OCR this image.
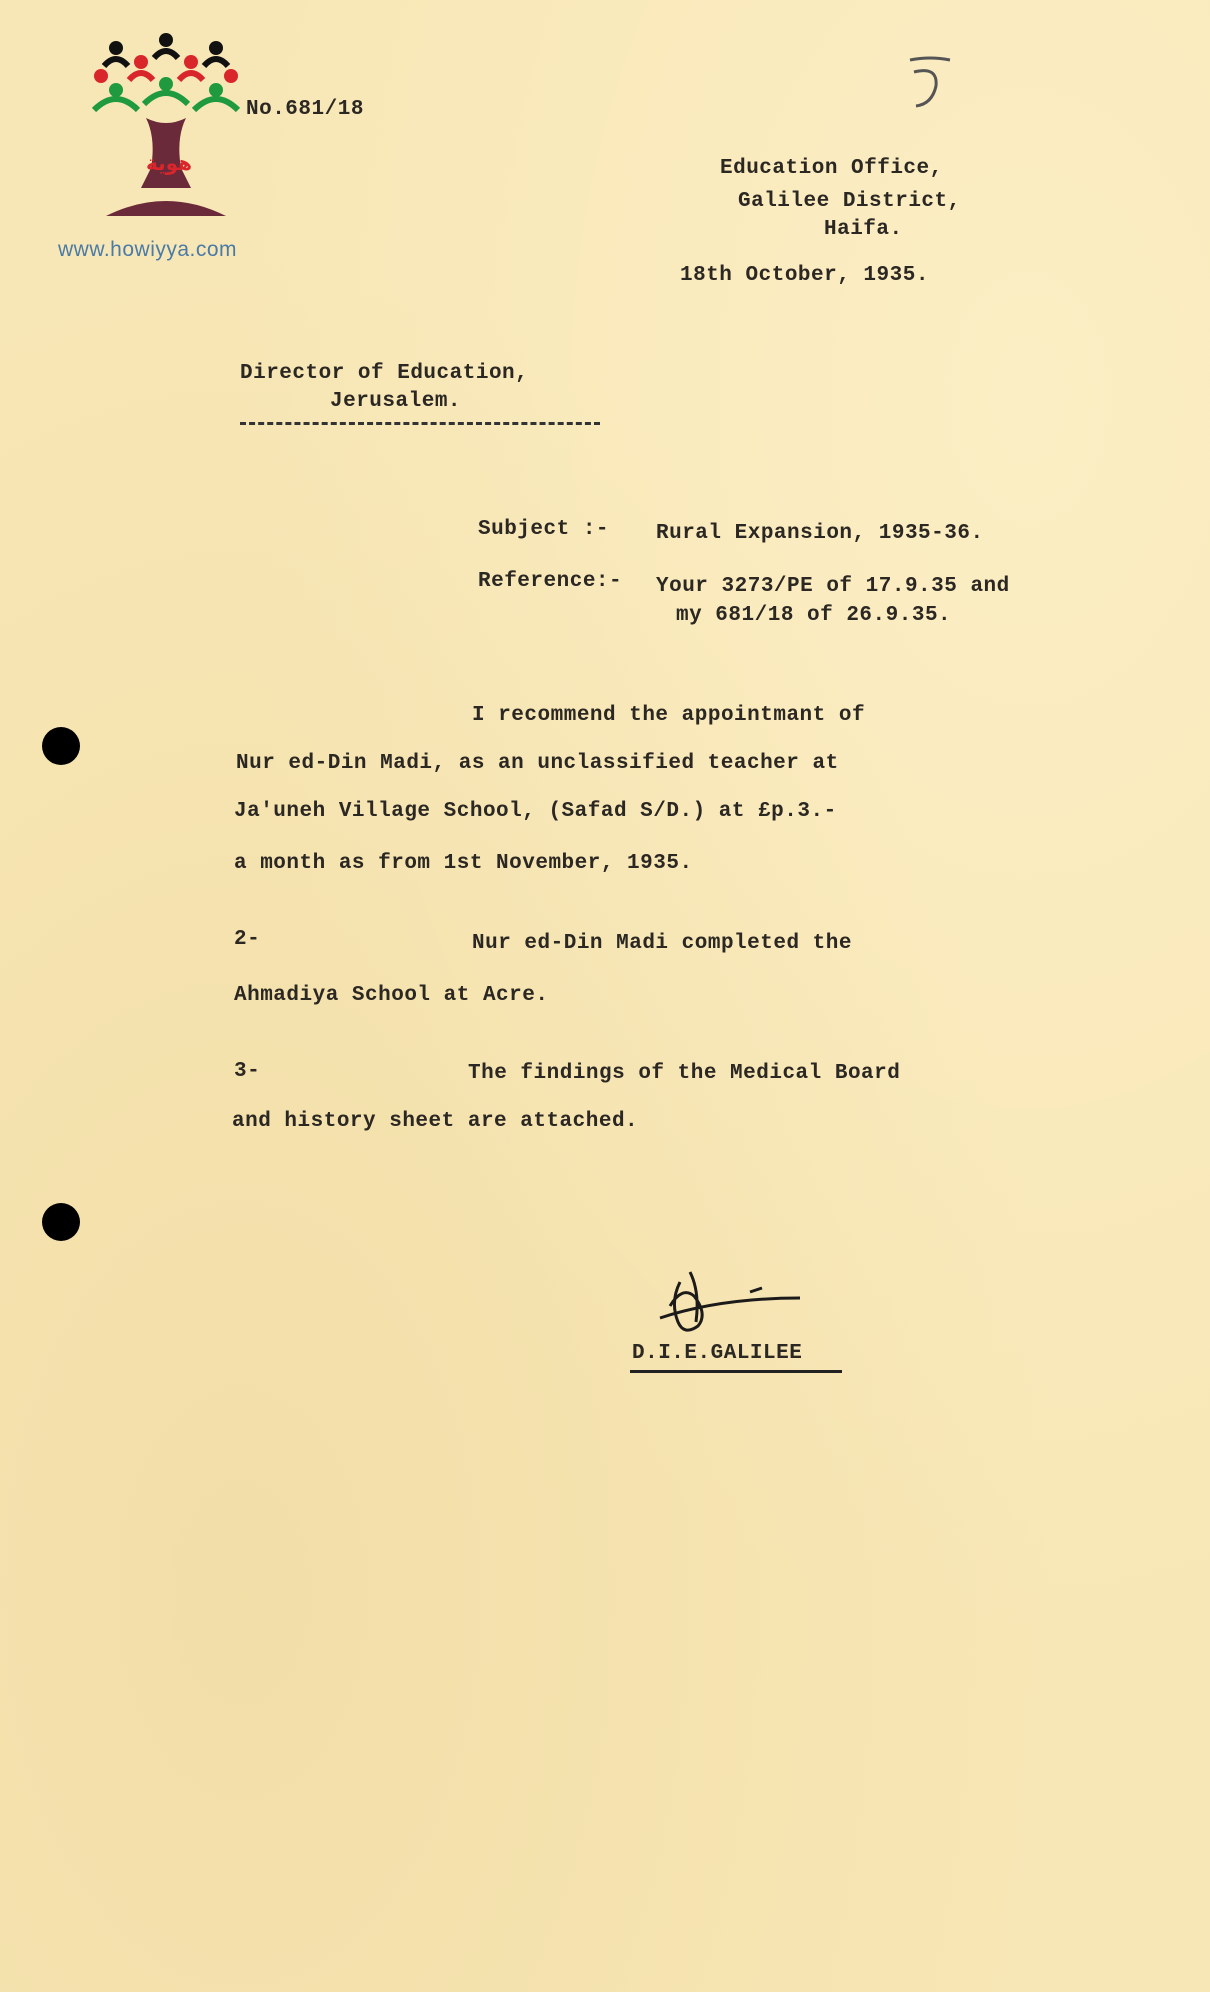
هوية
No.681/18
www.howiyya.com
Education Office,
Galilee District,
Haifa.
18th October, 1935.
Director of Education,
Jerusalem.
Subject :- Rural Expansion, 1935-36.
Reference:- Your 3273/PE of 17.9.35 and
my 681/18 of 26.9.35.
I recommend the appointmant of
Nur ed-Din Madi, as an unclassified teacher at
Ja'uneh Village School, (Safad S/D.) at £p.3.-
a month as from 1st November, 1935.
2-	Nur ed-Din Madi completed the
Ahmadiya School at Acre.
3-	The findings of the Medical Board
and history sheet are attached.
D.I.E.GALILEE
